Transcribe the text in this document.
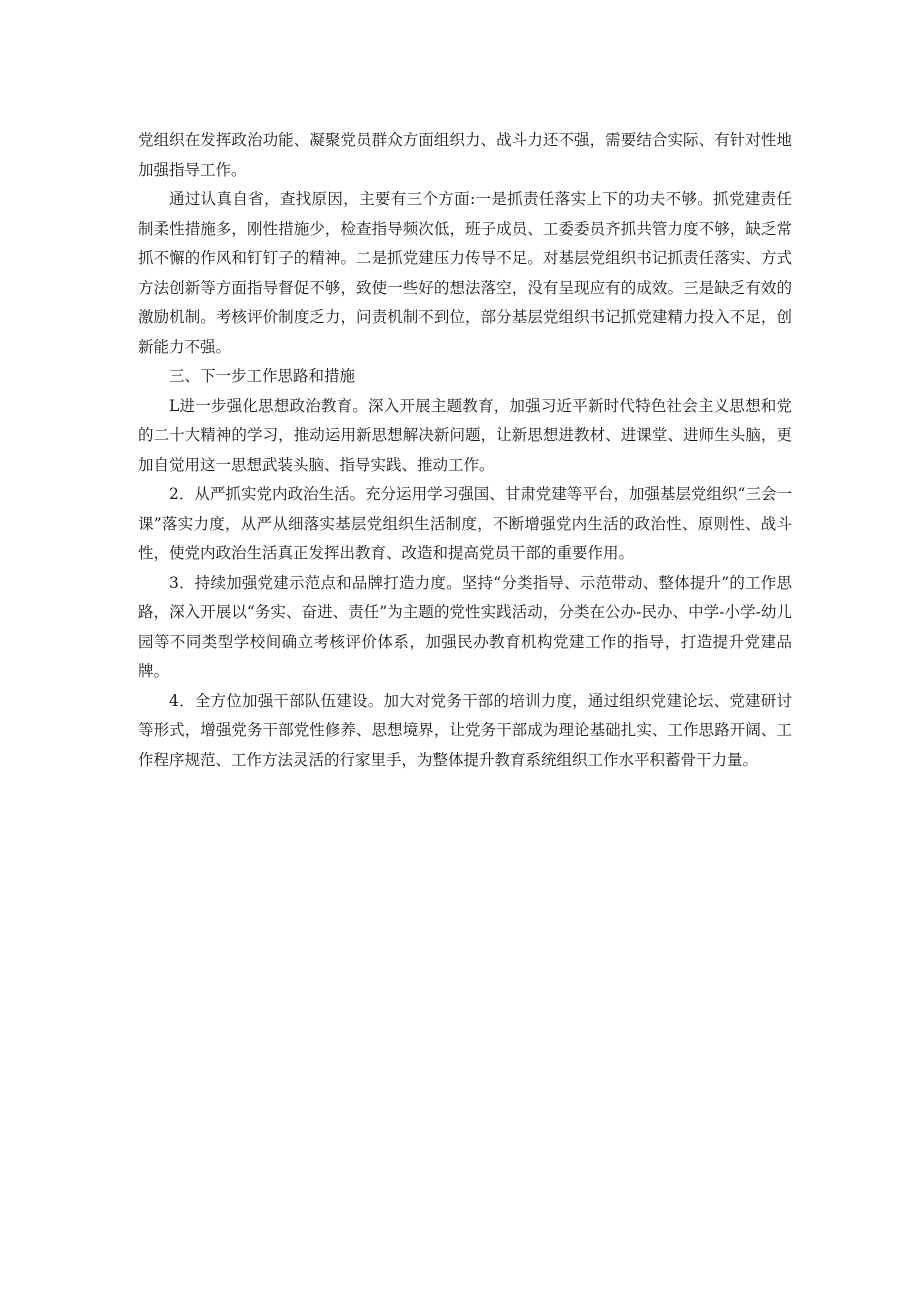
党组织在发挥政治功能、凝聚党员群众方面组织力、战斗力还不强，需要结合实际、有针对性地加强指导工作。

通过认真自省，查找原因，主要有三个方面:一是抓责任落实上下的功夫不够。抓党建责任制柔性措施多，刚性措施少，检查指导频次低，班子成员、工委委员齐抓共管力度不够，缺乏常抓不懈的作风和钉钉子的精神。二是抓党建压力传导不足。对基层党组织书记抓责任落实、方式方法创新等方面指导督促不够，致使一些好的想法落空，没有呈现应有的成效。三是缺乏有效的激励机制。考核评价制度乏力，问责机制不到位，部分基层党组织书记抓党建精力投入不足，创新能力不强。

三、下一步工作思路和措施

L进一步强化思想政治教育。深入开展主题教育，加强习近平新时代特色社会主义思想和党的二十大精神的学习，推动运用新思想解决新问题，让新思想进教材、进课堂、进师生头脑，更加自觉用这一思想武装头脑、指导实践、推动工作。

2．从严抓实党内政治生活。充分运用学习强国、甘肃党建等平台，加强基层党组织“三会一课”落实力度，从严从细落实基层党组织生活制度，不断增强党内生活的政治性、原则性、战斗性，使党内政治生活真正发挥出教育、改造和提高党员干部的重要作用。

3．持续加强党建示范点和品牌打造力度。坚持“分类指导、示范带动、整体提升”的工作思路，深入开展以“务实、奋进、责任”为主题的党性实践活动，分类在公办-民办、中学-小学-幼儿园等不同类型学校间确立考核评价体系，加强民办教育机构党建工作的指导，打造提升党建品牌。

4．全方位加强干部队伍建设。加大对党务干部的培训力度，通过组织党建论坛、党建研讨等形式，增强党务干部党性修养、思想境界，让党务干部成为理论基础扎实、工作思路开阔、工作程序规范、工作方法灵活的行家里手，为整体提升教育系统组织工作水平积蓄骨干力量。
